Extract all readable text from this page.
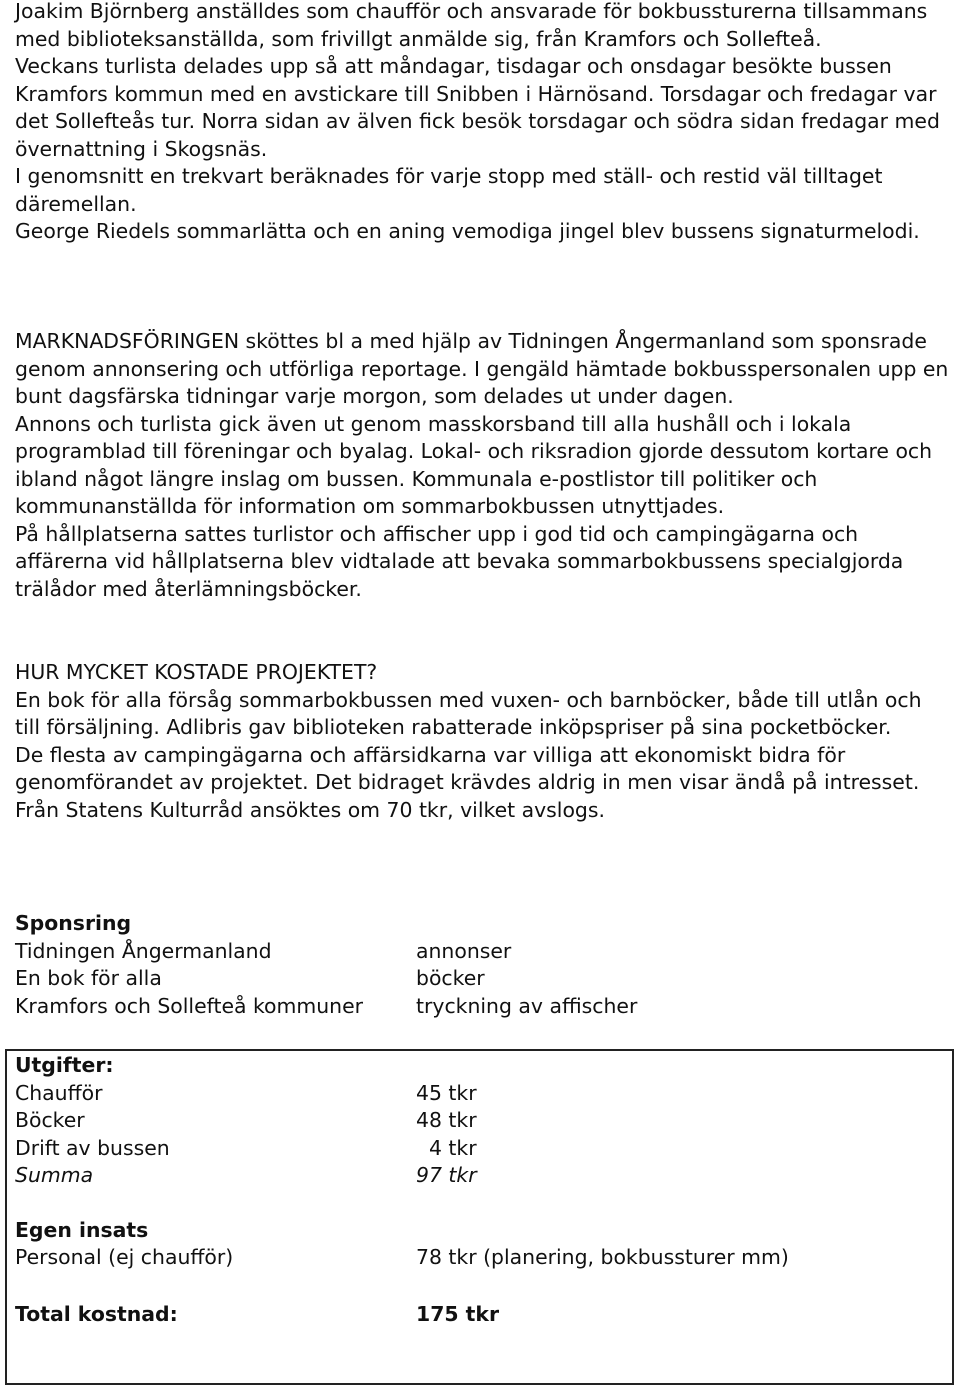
Joakim Björnberg anställdes som chaufför och ansvarade för bokbussturerna tillsammans med biblioteksanställda, som frivillgt anmälde sig, från Kramfors och Sollefteå.

Veckans turlista delades upp så att måndagar, tisdagar och onsdagar besökte bussen Kramfors kommun med en avstickare till Snibben i Härnösand. Torsdagar och fredagar var det Sollefteås tur. Norra sidan av älven fick besök torsdagar och södra sidan fredagar med övernattning i Skogsnäs.

I genomsnitt en trekvart beräknades för varje stopp med ställ- och restid väl tilltaget däremellan.

George Riedels sommarlätta och en aning vemodiga jingel blev bussens signaturmelodi.

MARKNADSFÖRINGEN sköttes bl a med hjälp av Tidningen Ångermanland som sponsrade genom annonsering och utförliga reportage. I gengäld hämtade bokbusspersonalen upp en bunt dagsfärska tidningar varje morgon, som delades ut under dagen.

Annons och turlista gick även ut genom masskorsband till alla hushåll och i lokala programblad till föreningar och byalag. Lokal- och riksradion gjorde dessutom kortare och ibland något längre inslag om bussen. Kommunala e-postlistor till politiker och kommunanställda för information om sommarbokbussen utnyttjades.

På hållplatserna sattes turlistor och affischer upp i god tid och campingägarna och affärerna vid hållplatserna blev vidtalade att bevaka sommarbokbussens specialgjorda trälådor med återlämningsböcker.

HUR MYCKET KOSTADE PROJEKTET?

En bok för alla försåg sommarbokbussen med vuxen- och barnböcker, både till utlån och till försäljning. Adlibris gav biblioteken rabatterade inköpspriser på sina pocketböcker.

De flesta av campingägarna och affärsidkarna var villiga att ekonomiskt bidra för genomförandet av projektet. Det bidraget krävdes aldrig in men visar ändå på intresset.

Från Statens Kulturråd ansöktes om 70 tkr, vilket avslogs.

Sponsring
Tidningen Ångermanland	annonser
En bok för alla	böcker
Kramfors och Sollefteå kommuner	tryckning av affischer
Utgifter:
Chaufför	45 tkr
Böcker	48 tkr
Drift av bussen	4 tkr
Summa	97 tkr
Egen insats
Personal (ej chaufför)	78 tkr (planering, bokbussturer mm)
Total kostnad:	175 tkr
